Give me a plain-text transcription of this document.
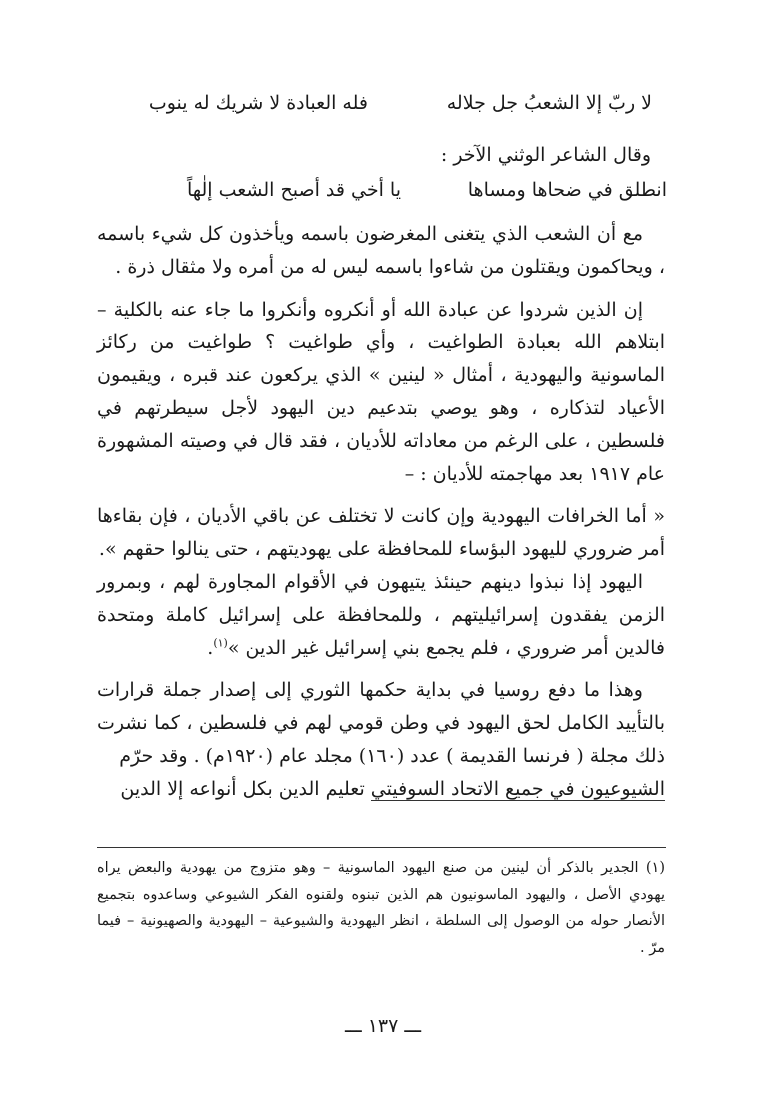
لا ربّ إلا الشعبُ جل جلاله
فله العبادة لا شريك له ينوب
وقال الشاعر الوثني الآخر :
انطلق في ضحاها ومساها
يا أخي قد أصبح الشعب إلٰهاً

مع أن الشعب الذي يتغنى المغرضون باسمه ويأخذون كل شيء باسمه ، ويحاكمون ويقتلون من شاءوا باسمه ليس له من أمره ولا مثقال ذرة .

إن الذين شردوا عن عبادة الله أو أنكروه وأنكروا ما جاء عنه بالكلية – ابتلاهم الله بعبادة الطواغيت ، وأي طواغيت ؟ طواغيت من ركائز الماسونية واليهودية ، أمثال « لينين » الذي يركعون عند قبره ، ويقيمون الأعياد لتذكاره ، وهو يوصي بتدعيم دين اليهود لأجل سيطرتهم في فلسطين ، على الرغم من معاداته للأديان ، فقد قال في وصيته المشهورة عام ١٩١٧ بعد مهاجمته للأديان : –

« أما الخرافات اليهودية وإن كانت لا تختلف عن باقي الأديان ، فإن بقاءها أمر ضروري لليهود البؤساء للمحافظة على يهوديتهم ، حتى ينالوا حقهم ».

اليهود إذا نبذوا دينهم حينئذ يتيهون في الأقوام المجاورة لهم ، وبمرور الزمن يفقدون إسرائيليتهم ، وللمحافظة على إسرائيل كاملة ومتحدة فالدين أمر ضروري ، فلم يجمع بني إسرائيل غير الدين »$^{(١)}$.

وهذا ما دفع روسيا في بداية حكمها الثوري إلى إصدار جملة قرارات بالتأييد الكامل لحق اليهود في وطن قومي لهم في فلسطين ، كما نشرت ذلك مجلة ( فرنسا القديمة ) عدد (١٦٠) مجلد عام (١٩٢٠م) . وقد حرّم

الشيوعيون في جميع الاتحاد السوفيتي تعليم الدين بكل أنواعه إلا الدين

(١) الجدير بالذكر أن لينين من صنع اليهود الماسونية – وهو متزوج من يهودية والبعض يراه يهودي الأصل ، واليهود الماسونيون هم الذين تبنوه ولقنوه الفكر الشيوعي وساعدوه بتجميع الأنصار حوله من الوصول إلى السلطة ، انظر اليهودية والشيوعية – اليهودية والصهيونية – فيما مرّ .

ـــ ١٣٧ ـــ
